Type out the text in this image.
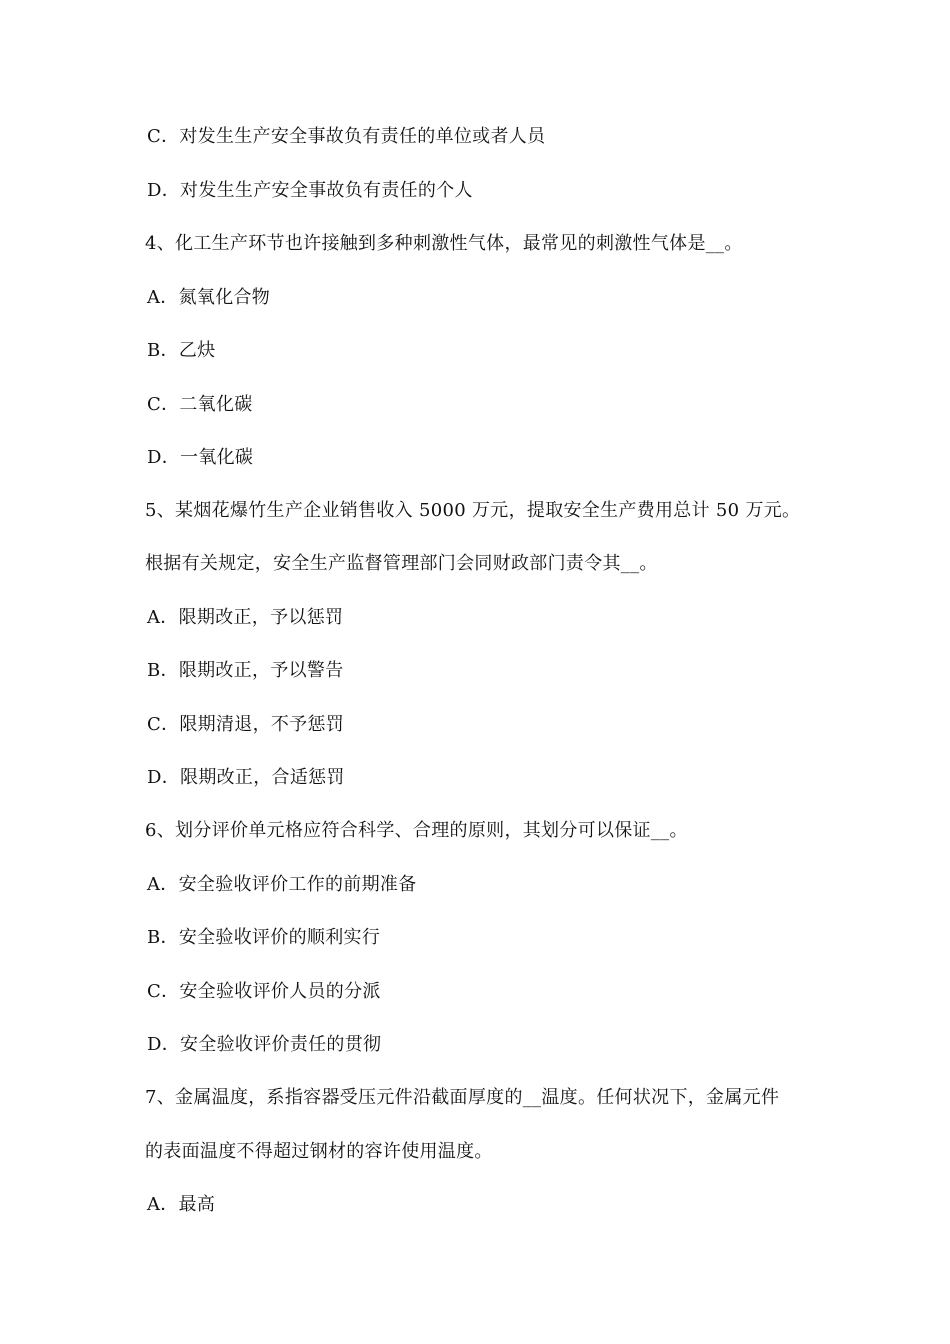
C．对发生生产安全事故负有责任的单位或者人员
D．对发生生产安全事故负有责任的个人
4、化工生产环节也许接触到多种刺激性气体，最常见的刺激性气体是__。
A．氮氧化合物
B．乙炔
C．二氧化碳
D．一氧化碳
5、某烟花爆竹生产企业销售收入 5000 万元，提取安全生产费用总计 50 万元。
根据有关规定，安全生产监督管理部门会同财政部门责令其__。
A．限期改正，予以惩罚
B．限期改正，予以警告
C．限期清退，不予惩罚
D．限期改正，合适惩罚
6、划分评价单元格应符合科学、合理的原则，其划分可以保证__。
A．安全验收评价工作的前期准备
B．安全验收评价的顺利实行
C．安全验收评价人员的分派
D．安全验收评价责任的贯彻
7、金属温度，系指容器受压元件沿截面厚度的__温度。任何状况下，金属元件
的表面温度不得超过钢材的容许使用温度。
A．最高
